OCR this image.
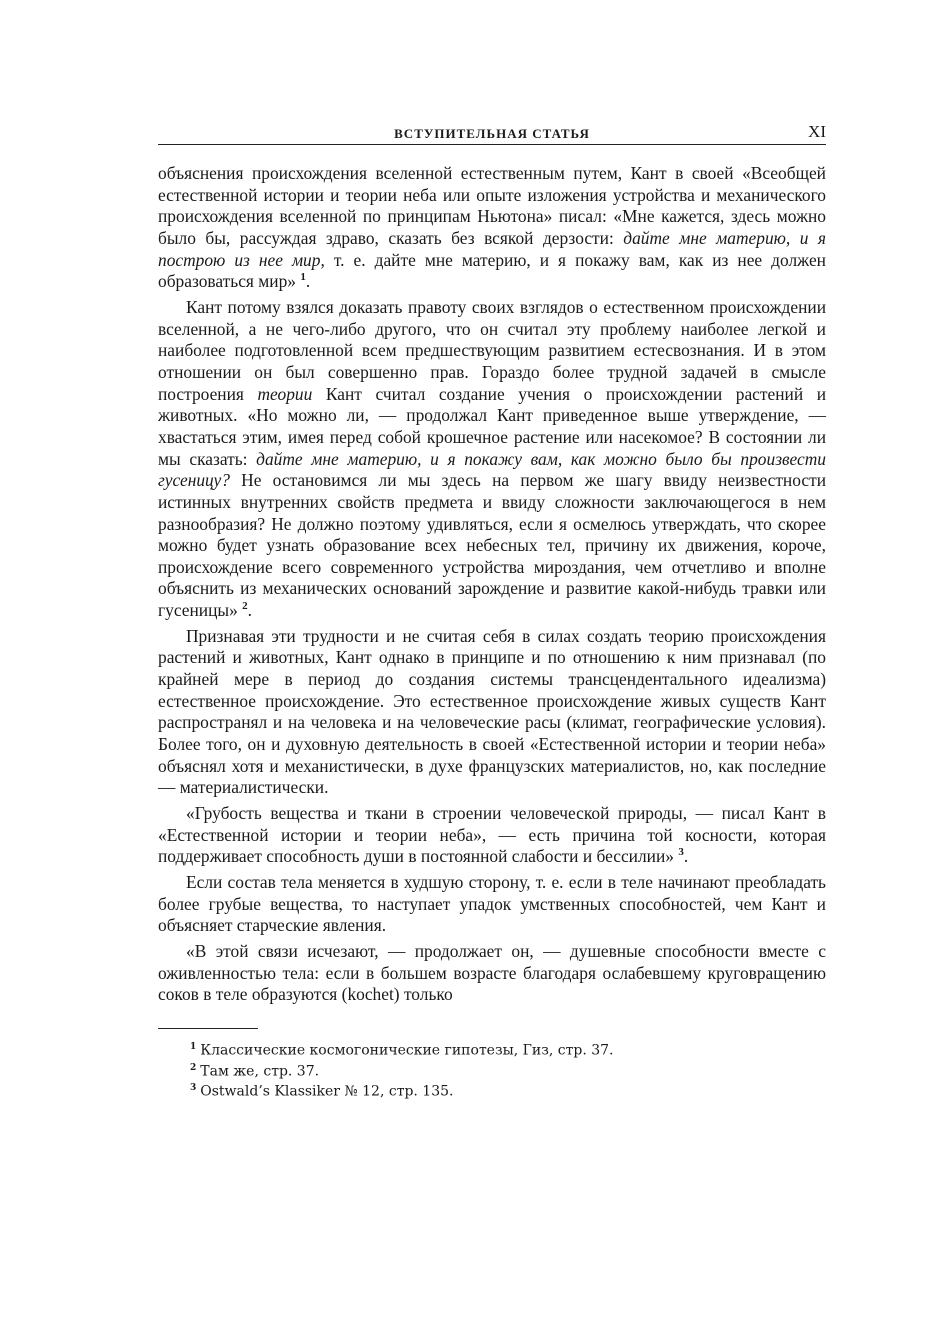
ВСТУПИТЕЛЬНАЯ СТАТЬЯ	XI

объяснения происхождения вселенной естественным путем, Кант в своей «Всеобщей естественной истории и теории неба или опыте изложения устройства и механического происхождения вселенной по принципам Ньютона» писал: «Мне кажется, здесь можно было бы, рассуждая здраво, сказать без всякой дерзости: дайте мне материю, и я построю из нее мир, т. е. дайте мне материю, и я покажу вам, как из нее должен образоваться мир» $^1$.

Кант потому взялся доказать правоту своих взглядов о естественном происхождении вселенной, а не чего-либо другого, что он считал эту проблему наиболее легкой и наиболее подготовленной всем предшествующим развитием естесвознания. И в этом отношении он был совершенно прав. Гораздо более трудной задачей в смысле построения теории Кант считал создание учения о происхождении растений и животных. «Но можно ли, — продолжал Кант приведенное выше утверждение, — хвастаться этим, имея перед собой крошечное растение или насекомое? В состоянии ли мы сказать: дайте мне материю, и я покажу вам, как можно было бы произвести гусеницу? Не остановимся ли мы здесь на первом же шагу ввиду неизвестности истинных внутренних свойств предмета и ввиду сложности заключающегося в нем разнообразия? Не должно поэтому удивляться, если я осмелюсь утверждать, что скорее можно будет узнать образование всех небесных тел, причину их движения, короче, происхождение всего современного устройства мироздания, чем отчетливо и вполне объяснить из механических оснований зарождение и развитие какой-нибудь травки или гусеницы» $^2$.

Признавая эти трудности и не считая себя в силах создать теорию происхождения растений и животных, Кант однако в принципе и по отношению к ним признавал (по крайней мере в период до создания системы трансцендентального идеализма) естественное происхождение. Это естественное происхождение живых существ Кант распространял и на человека и на человеческие расы (климат, географические условия). Более того, он и духовную деятельность в своей «Естественной истории и теории неба» объяснял хотя и механистически, в духе французских материалистов, но, как последние — материалистически.

«Грубость вещества и ткани в строении человеческой природы, — писал Кант в «Естественной истории и теории неба», — есть причина той косности, которая поддерживает способность души в постоянной слабости и бессилии» $^3$.

Если состав тела меняется в худшую сторону, т. е. если в теле начинают преобладать более грубые вещества, то наступает упадок умственных способностей, чем Кант и объясняет старческие явления.

«В этой связи исчезают, — продолжает он, — душевные способности вместе с оживленностью тела: если в большем возрасте благодаря ослабевшему круговращению соков в теле образуются (kochet) только

$^1$ Классические космогонические гипотезы, Гиз, стр. 37.
$^2$ Там же, стр. 37.
$^3$ Ostwald’s Klassiker № 12, стр. 135.
